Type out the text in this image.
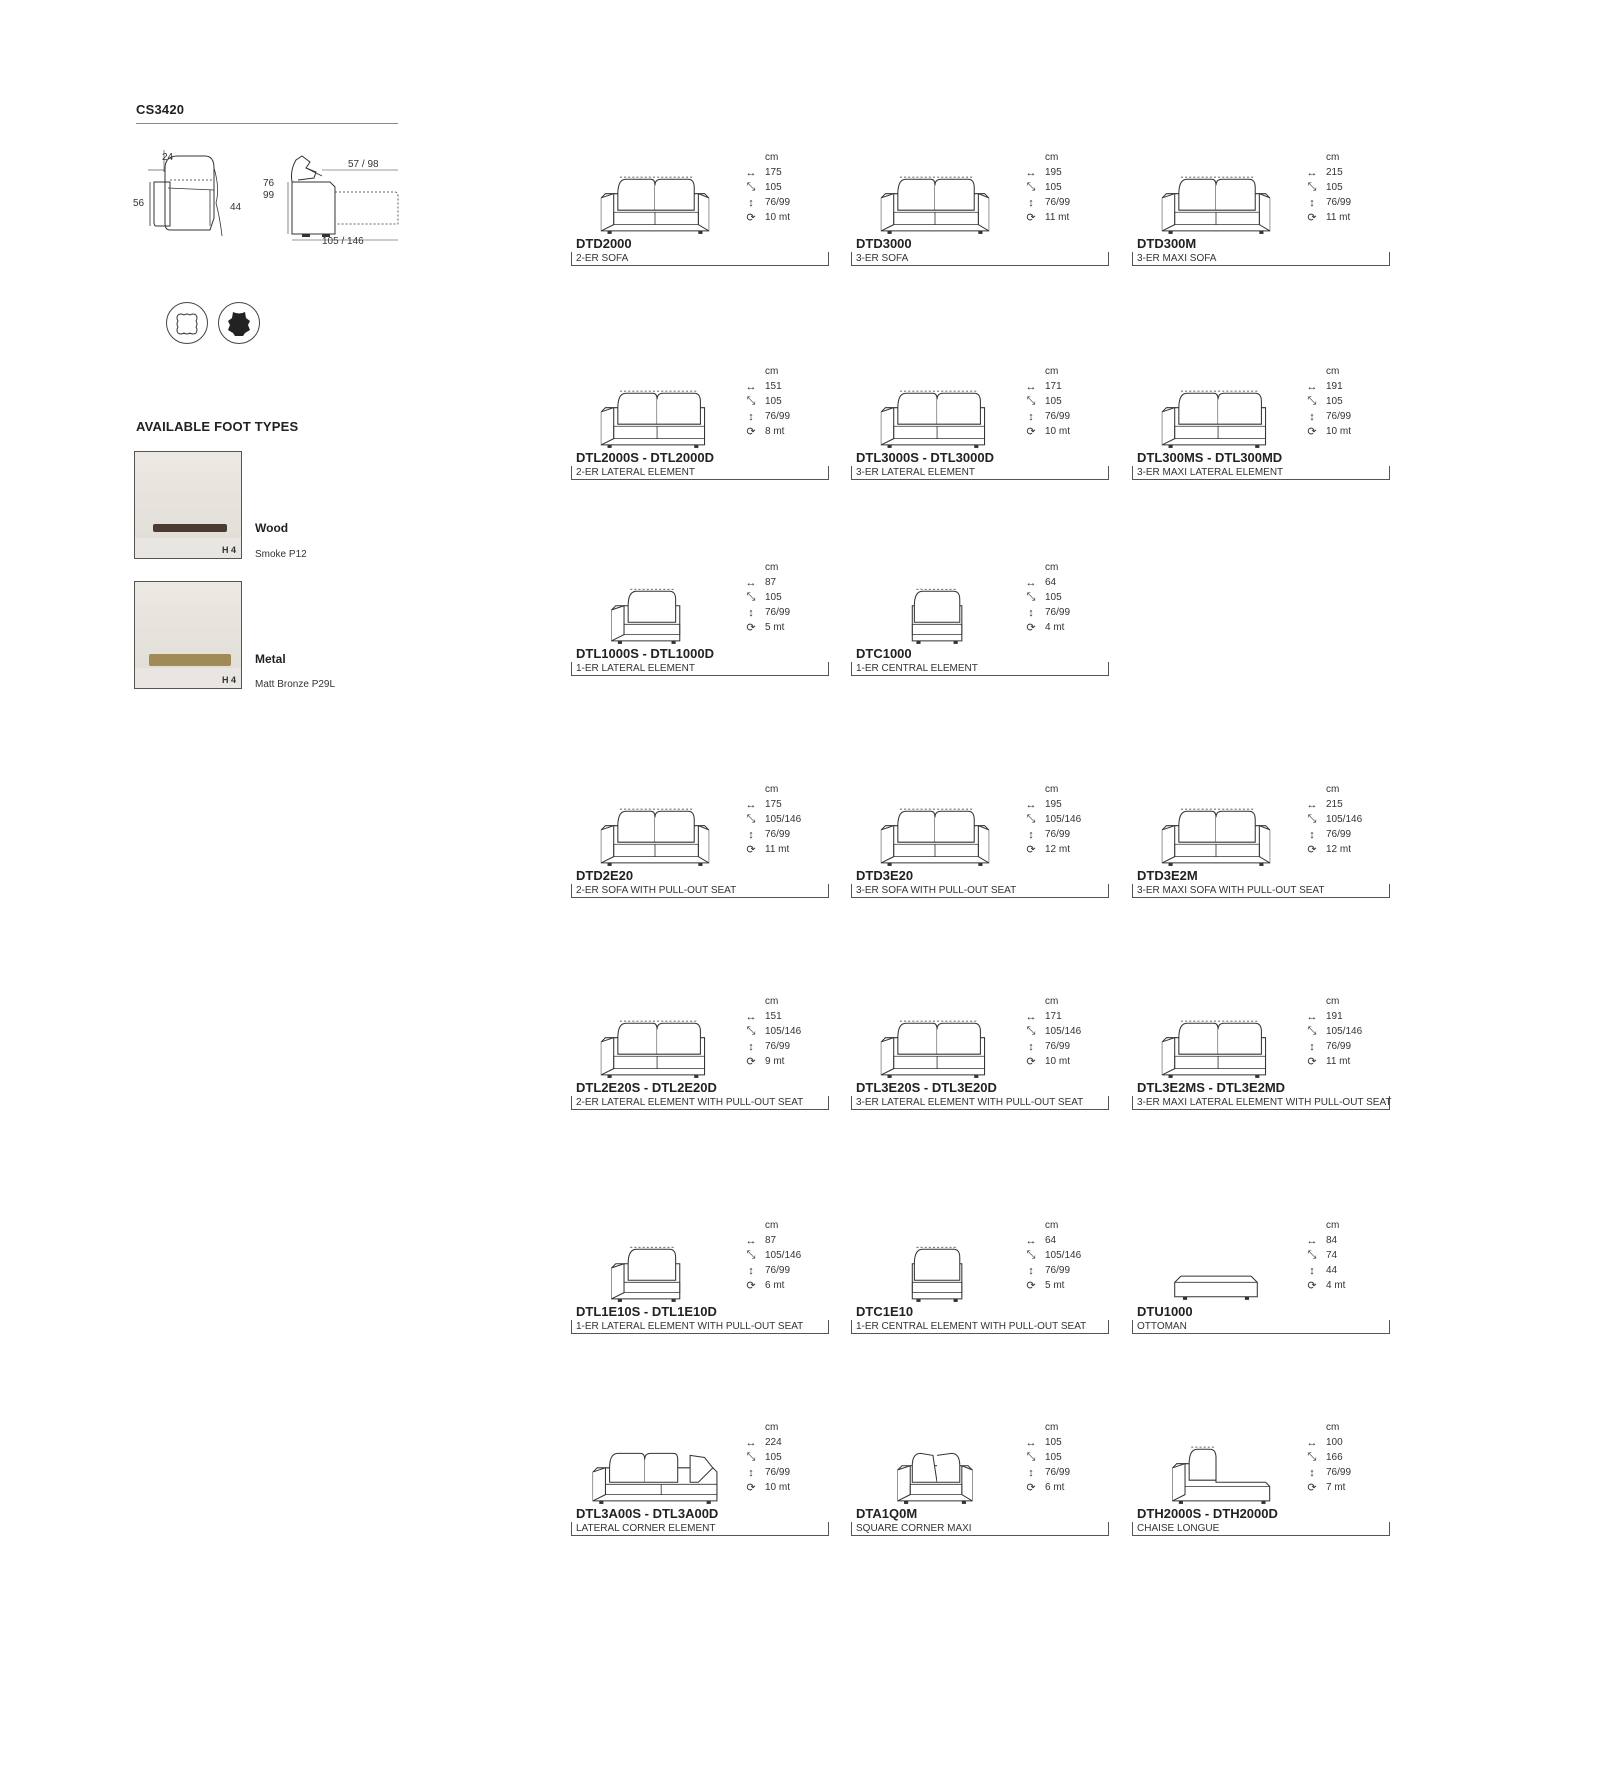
CS3420
24
56	44
57 / 98
76
99
105 / 146
AVAILABLE FOOT TYPES
H 4
Wood
Smoke P12
H 4
Metal
Matt Bronze P29L
cm
↔ 175
⤡ 105
↕	76/99
⟳ 10 mt
DTD2000
2-ER SOFA
cm
↔ 195
⤡ 105
↕	76/99
⟳ 11 mt
DTD3000
3-ER SOFA
cm
↔ 215
⤡ 105
↕	76/99
⟳ 11 mt
DTD300M
3-ER MAXI SOFA
cm
↔ 151
⤡ 105
↕	76/99
⟳ 8 mt
DTL2000S - DTL2000D
2-ER LATERAL ELEMENT
cm
↔ 171
⤡ 105
↕	76/99
⟳ 10 mt
DTL3000S - DTL3000D
3-ER LATERAL ELEMENT
cm
↔ 191
⤡ 105
↕	76/99
⟳ 10 mt
DTL300MS - DTL300MD
3-ER MAXI LATERAL ELEMENT
cm
↔ 87
⤡ 105
↕	76/99
⟳ 5 mt
DTL1000S - DTL1000D
1-ER LATERAL ELEMENT
cm
↔ 64
⤡ 105
↕	76/99
⟳ 4 mt
DTC1000
1-ER CENTRAL ELEMENT
cm
↔ 175
⤡ 105/146
↕	76/99
⟳ 11 mt
DTD2E20
2-ER SOFA WITH PULL-OUT SEAT
cm
↔ 195
⤡ 105/146
↕	76/99
⟳ 12 mt
DTD3E20
3-ER SOFA WITH PULL-OUT SEAT
cm
↔ 215
⤡ 105/146
↕	76/99
⟳ 12 mt
DTD3E2M
3-ER MAXI SOFA WITH PULL-OUT SEAT
cm
↔ 151
⤡ 105/146
↕	76/99
⟳ 9 mt
DTL2E20S - DTL2E20D
2-ER LATERAL ELEMENT WITH PULL-OUT SEAT
cm
↔ 171
⤡ 105/146
↕	76/99
⟳ 10 mt
DTL3E20S - DTL3E20D
3-ER LATERAL ELEMENT WITH PULL-OUT SEAT
cm
↔ 191
⤡ 105/146
↕	76/99
⟳ 11 mt
DTL3E2MS - DTL3E2MD
3-ER MAXI LATERAL ELEMENT WITH PULL-OUT SEAT
cm
↔ 87
⤡ 105/146
↕	76/99
⟳ 6 mt
DTL1E10S - DTL1E10D
1-ER LATERAL ELEMENT WITH PULL-OUT SEAT
cm
↔ 64
⤡ 105/146
↕	76/99
⟳ 5 mt
DTC1E10
1-ER CENTRAL ELEMENT WITH PULL-OUT SEAT
cm
↔ 84
⤡ 74
↕	44
⟳ 4 mt
DTU1000
OTTOMAN
cm
↔ 224
⤡ 105
↕	76/99
⟳ 10 mt
DTL3A00S - DTL3A00D
LATERAL CORNER ELEMENT
cm
↔ 105
⤡ 105
↕	76/99
⟳ 6 mt
DTA1Q0M
SQUARE CORNER MAXI
cm
↔ 100
⤡ 166
↕	76/99
⟳ 7 mt
DTH2000S - DTH2000D
CHAISE LONGUE
